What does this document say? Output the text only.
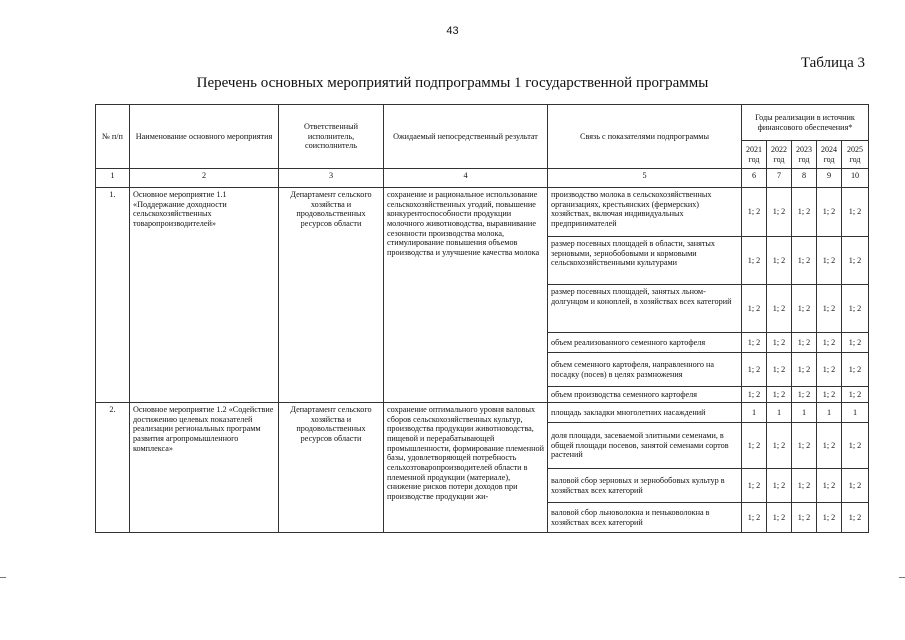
43
Таблица 3
Перечень основных мероприятий подпрограммы 1 государственной программы
№ п/п	Наименование основного мероприятия	Ответственный исполнитель, соисполнитель	Ожидаемый непосредственный результат	Связь с показателями подпрограммы	Годы реализации в источник финансового обеспечения*				
					2021 год	2022 год	2023 год	2024 год	2025 год
1	2	3	4	5	6	7	8	9	10
1.	Основное мероприятие 1.1 «Поддержание доходности сельскохозяйственных товаропроизводителей»	Департамент сельского хозяйства и продовольственных ресурсов области	сохранение и рациональное использование сельскохозяйственных угодий, повышение конкурентоспособности продукции молочного животноводства, выравнивание сезонности производства молока, стимулирование повышения объемов производства и улучшение качества молока	производство молока в сельскохозяйственных организациях, крестьянских (фермерских) хозяйствах, включая индивидуальных предпринимателей	1; 2	1; 2	1; 2	1; 2	1; 2
				размер посевных площадей в области, занятых зерновыми, зернобобовыми и кормовыми сельскохозяйственными культурами	1; 2	1; 2	1; 2	1; 2	1; 2
				размер посевных площадей, занятых льном-долгунцом и коноплей, в хозяйствах всех категорий	1; 2	1; 2	1; 2	1; 2	1; 2
				объем реализованного семенного картофеля	1; 2	1; 2	1; 2	1; 2	1; 2
				объем семенного картофеля, направленного на посадку (посев) в целях размножения	1; 2	1; 2	1; 2	1; 2	1; 2
				объем производства семенного картофеля	1; 2	1; 2	1; 2	1; 2	1; 2
2.	Основное мероприятие 1.2 «Содействие достижению целевых показателей реализации региональных программ развития агропромышленного комплекса»	Департамент сельского хозяйства и продовольственных ресурсов области	сохранение оптимального уровня валовых сборов сельскохозяйственных культур, производства продукции животноводства, пищевой и перерабатывающей промышленности, формирование племенной базы, удовлетворяющей потребность сельхозтоваропроизводителей области в племенной продукции (материале), снижение рисков потери доходов при производстве продукции жи-	площадь закладки многолетних насаждений	1	1	1	1	1
				доля площади, засеваемой элитными семенами, в общей площади посевов, занятой семенами сортов растений	1; 2	1; 2	1; 2	1; 2	1; 2
				валовой сбор зерновых и зернобобовых культур в хозяйствах всех категорий	1; 2	1; 2	1; 2	1; 2	1; 2
				валовой сбор льноволокна и пеньковолокна в хозяйствах всех категорий	1; 2	1; 2	1; 2	1; 2	1; 2
